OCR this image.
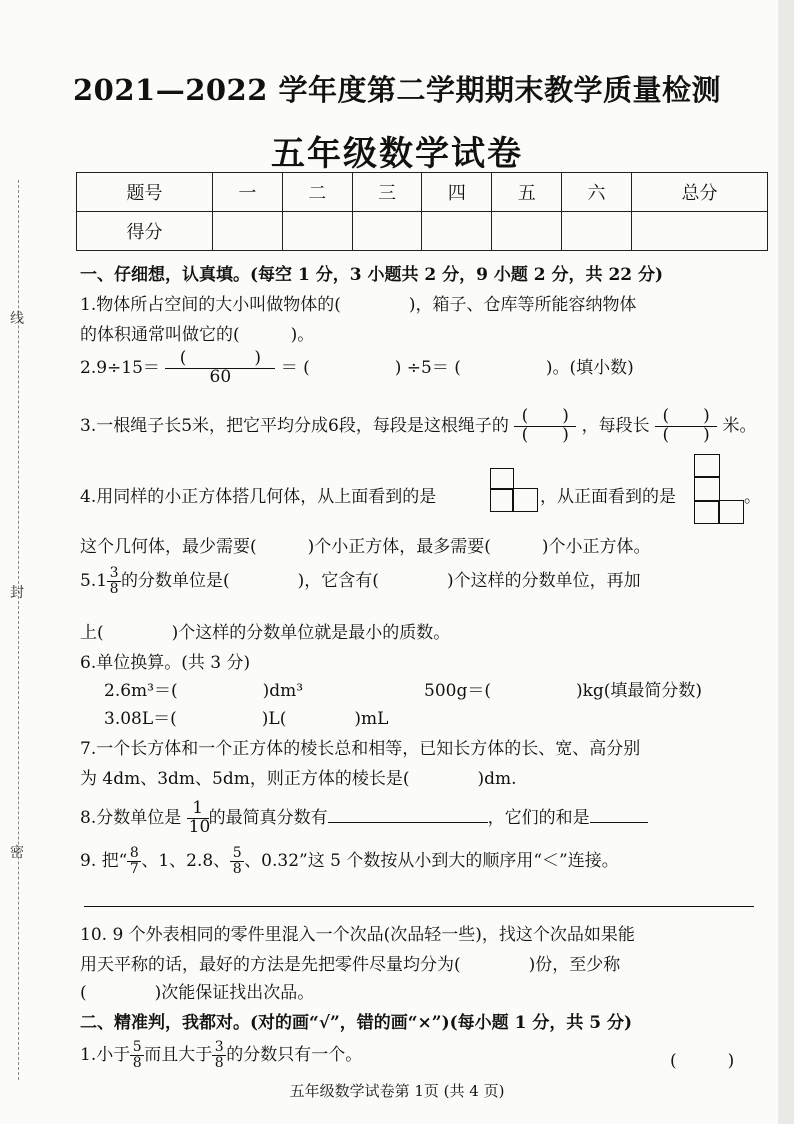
线
封
密
2021—2022 学年度第二学期期末教学质量检测
五年级数学试卷
题号	一	二	三	四	五	六	总分
得分							
一、仔细想，认真填。(每空 1 分，3 小题共 2 分，9 小题 2 分，共 22 分)
1.物体所占空间的大小叫做物体的(　　　　)，箱子、仓库等所能容纳物体
的体积通常叫做它的(　　　)。
$2.9\div 15= \frac{( )}{60}$ ＝ (　　　　　) ÷5＝ (　　　　　)。(填小数)
3.一根绳子长5米，把它平均分成6段，每段是这根绳子的 $\frac{( )}{( )}$ ，每段长 $\frac{( )}{( )}$ 米。
4.用同样的小正方体搭几何体，从上面看到的是	，从正面看到的是	。
这个几何体，最少需要(　　　)个小正方体，最多需要(　　　)个小正方体。
$5.1 \frac{3}{8}$ 的分数单位是(　　　　)，它含有(　　　　)个这样的分数单位，再加
上(　　　　)个这样的分数单位就是最小的质数。
6.单位换算。(共 3 分)
2.6m³＝(　　　　　)dm³	500g＝(　　　　　)kg(填最简分数)
3.08L＝(　　　　　)L(　　　　)mL
7.一个长方体和一个正方体的棱长总和相等，已知长方体的长、宽、高分别
为 4dm、3dm、5dm，则正方体的棱长是(　　　　)dm.
8.分数单位是 $\frac{1}{10}$ 的最简真分数有	，它们的和是
9. 把“ $\frac{8}{7}$ 、1、2.8、 $\frac{5}{8}$ 、0.32”这 5 个数按从小到大的顺序用“＜”连接。
10. 9 个外表相同的零件里混入一个次品(次品轻一些)，找这个次品如果能
用天平称的话，最好的方法是先把零件尽量均分为(　　　　)份，至少称
(　　　　)次能保证找出次品。
二、精准判，我都对。(对的画“√”，错的画“×”)(每小题 1 分，共 5 分)
1.小于 $\frac{5}{8}$ 而且大于 $\frac{3}{8}$ 的分数只有一个。	(　　　)
五年级数学试卷第 1页 (共 4 页)
